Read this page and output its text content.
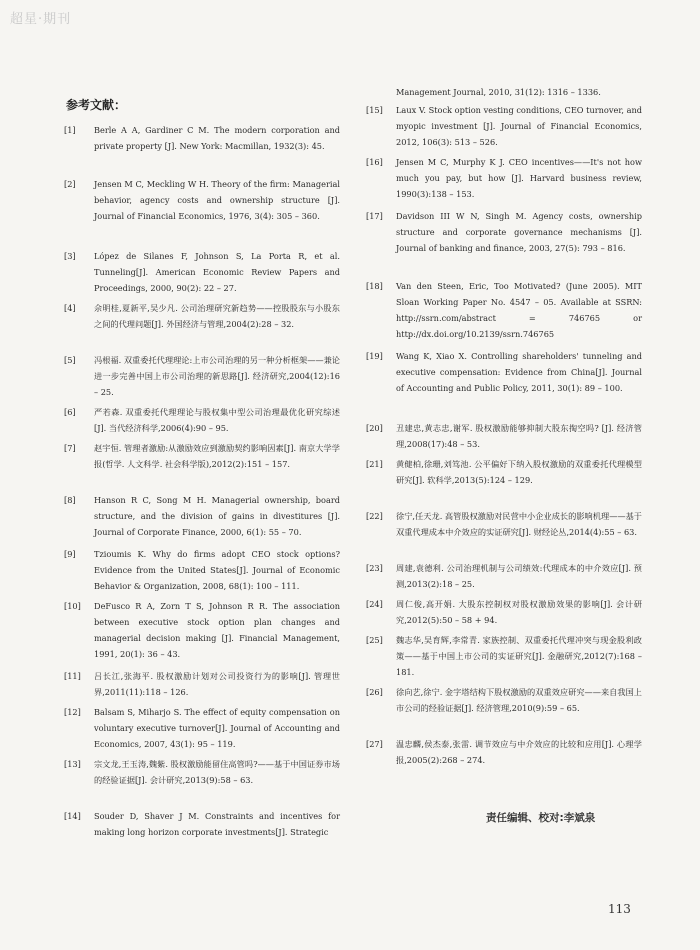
超星·期刊
参考文献：
[1]	Berle A A, Gardiner C M. The modern corporation and private property [J]. New York: Macmillan, 1932(3): 45.
[2]	Jensen M C, Meckling W H. Theory of the firm: Managerial behavior, agency costs and ownership structure [J]. Journal of Financial Economics, 1976, 3(4): 305 – 360.
[3]	López de Silanes F, Johnson S, La Porta R, et al. Tunneling[J]. American Economic Review Papers and Proceedings, 2000, 90(2): 22 – 27.
[4]	佘明桂,夏新平,吴少凡. 公司治理研究新趋势——控股股东与小股东之间的代理问题[J]. 外国经济与管理,2004(2):28 – 32.
[5]	冯根福. 双重委托代理理论:上市公司治理的另一种分析框架——兼论进一步完善中国上市公司治理的新思路[J]. 经济研究,2004(12):16 – 25.
[6]	严若森. 双重委托代理理论与股权集中型公司治理最优化研究综述[J]. 当代经济科学,2006(4):90 – 95.
[7]	赵宇恒. 管理者激励:从激励效应到激励契约影响因素[J]. 南京大学学报(哲学. 人文科学. 社会科学版),2012(2):151 – 157.
[8]	Hanson R C, Song M H. Managerial ownership, board structure, and the division of gains in divestitures [J]. Journal of Corporate Finance, 2000, 6(1): 55 – 70.
[9]	Tzioumis K. Why do firms adopt CEO stock options? Evidence from the United States[J]. Journal of Economic Behavior & Organization, 2008, 68(1): 100 – 111.
[10]	DeFusco R A, Zorn T S, Johnson R R. The association between executive stock option plan changes and managerial decision making [J]. Financial Management, 1991, 20(1): 36 – 43.
[11]	吕长江,张海平. 股权激励计划对公司投资行为的影响[J]. 管理世界,2011(11):118 – 126.
[12]	Balsam S, Miharjo S. The effect of equity compensation on voluntary executive turnover[J]. Journal of Accounting and Economics, 2007, 43(1): 95 – 119.
[13]	宗文龙,王玉涛,魏紫. 股权激励能留住高管吗?——基于中国证券市场的经验证据[J]. 会计研究,2013(9):58 – 63.
[14]	Souder D, Shaver J M. Constraints and incentives for making long horizon corporate investments[J]. Strategic
Management Journal, 2010, 31(12): 1316 – 1336.
[15]	Laux V. Stock option vesting conditions, CEO turnover, and myopic investment [J]. Journal of Financial Economics, 2012, 106(3): 513 – 526.
[16]	Jensen M C, Murphy K J. CEO incentives——It's not how much you pay, but how [J]. Harvard business review, 1990(3):138 – 153.
[17]	Davidson III W N, Singh M. Agency costs, ownership structure and corporate governance mechanisms [J]. Journal of banking and finance, 2003, 27(5): 793 – 816.
[18]	Van den Steen, Eric, Too Motivated? (June 2005). MIT Sloan Working Paper No. 4547 – 05. Available at SSRN: http://ssrn.com/abstract = 746765 or http://dx.doi.org/10.2139/ssrn.746765
[19]	Wang K, Xiao X. Controlling shareholders' tunneling and executive compensation: Evidence from China[J]. Journal of Accounting and Public Policy, 2011, 30(1): 89 – 100.
[20]	丑建忠,黄志忠,谢军. 股权激励能够抑制大股东掏空吗? [J]. 经济管理,2008(17):48 – 53.
[21]	黄健柏,徐珊,刘笃池. 公平偏好下纳入股权激励的双重委托代理模型研究[J]. 软科学,2013(5):124 – 129.
[22]	徐宁,任天龙. 高管股权激励对民营中小企业成长的影响机理——基于双重代理成本中介效应的实证研究[J]. 财经论丛,2014(4):55 – 63.
[23]	周建,袁德利. 公司治理机制与公司绩效:代理成本的中介效应[J]. 预测,2013(2):18 – 25.
[24]	周仁俊,高开娟. 大股东控制权对股权激励效果的影响[J]. 会计研究,2012(5):50 – 58 + 94.
[25]	魏志华,吴育辉,李常青. 家族控制、双重委托代理冲突与现金股利政策——基于中国上市公司的实证研究[J]. 金融研究,2012(7):168 – 181.
[26]	徐向艺,徐宁. 金字塔结构下股权激励的双重效应研究——来自我国上市公司的经验证据[J]. 经济管理,2010(9):59 – 65.
[27]	温忠麟,侯杰泰,张雷. 调节效应与中介效应的比较和应用[J]. 心理学报,2005(2):268 – 274.
责任编辑、校对:李斌泉
113
